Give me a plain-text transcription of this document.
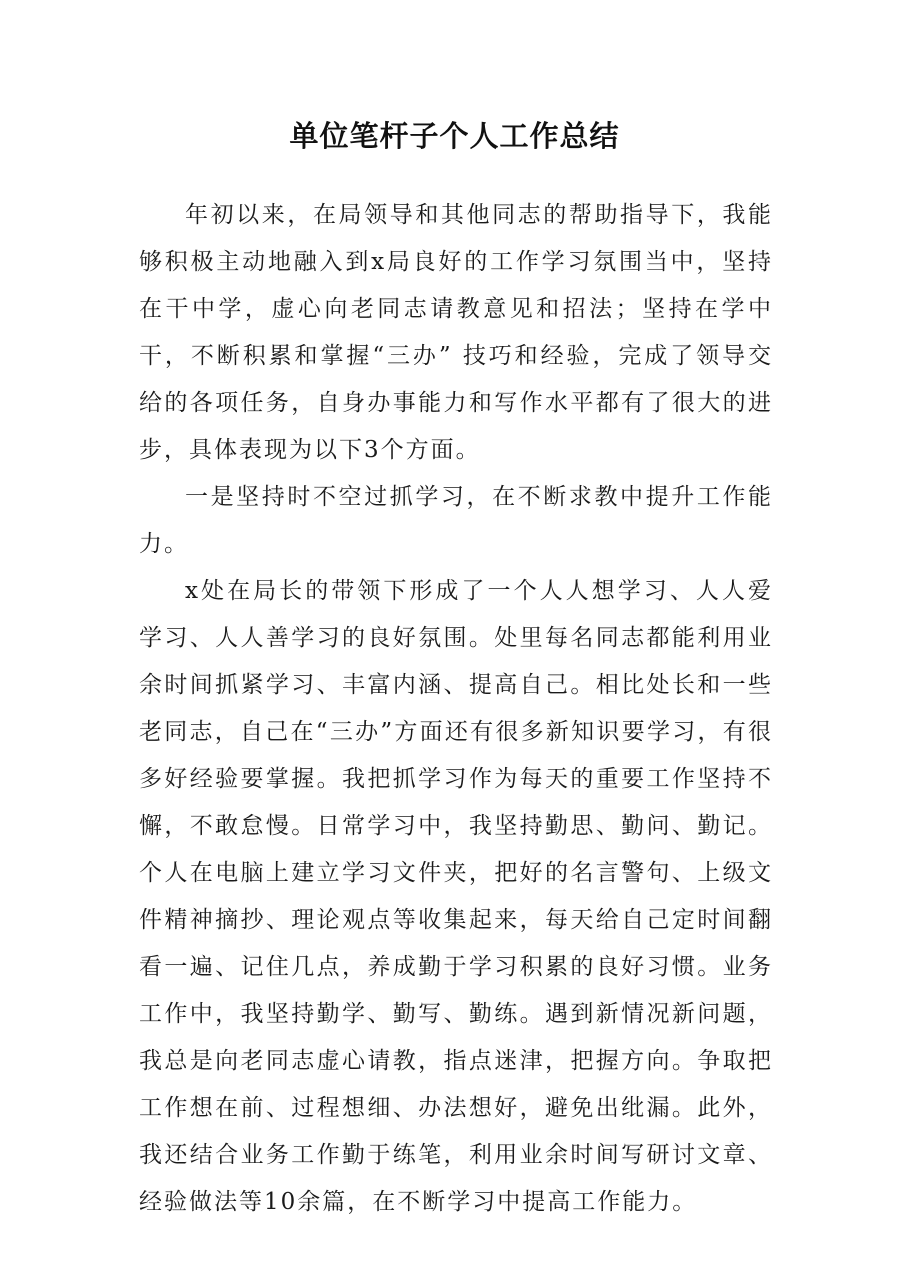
单位笔杆子个人工作总结

年初以来，在局领导和其他同志的帮助指导下，我能够积极主动地融入到x局良好的工作学习氛围当中，坚持在干中学，虚心向老同志请教意见和招法；坚持在学中干，不断积累和掌握“三办” 技巧和经验，完成了领导交给的各项任务，自身办事能力和写作水平都有了很大的进步，具体表现为以下3个方面。

一是坚持时不空过抓学习，在不断求教中提升工作能力。

x处在局长的带领下形成了一个人人想学习、人人爱学习、人人善学习的良好氛围。处里每名同志都能利用业余时间抓紧学习、丰富内涵、提高自己。相比处长和一些老同志，自己在“三办”方面还有很多新知识要学习，有很多好经验要掌握。我把抓学习作为每天的重要工作坚持不懈，不敢怠慢。日常学习中，我坚持勤思、勤问、勤记。个人在电脑上建立学习文件夹，把好的名言警句、上级文件精神摘抄、理论观点等收集起来，每天给自己定时间翻看一遍、记住几点，养成勤于学习积累的良好习惯。业务工作中，我坚持勤学、勤写、勤练。遇到新情况新问题，我总是向老同志虚心请教，指点迷津，把握方向。争取把工作想在前、过程想细、办法想好，避免出纰漏。此外，我还结合业务工作勤于练笔，利用业余时间写研讨文章、经验做法等10余篇，在不断学习中提高工作能力。
